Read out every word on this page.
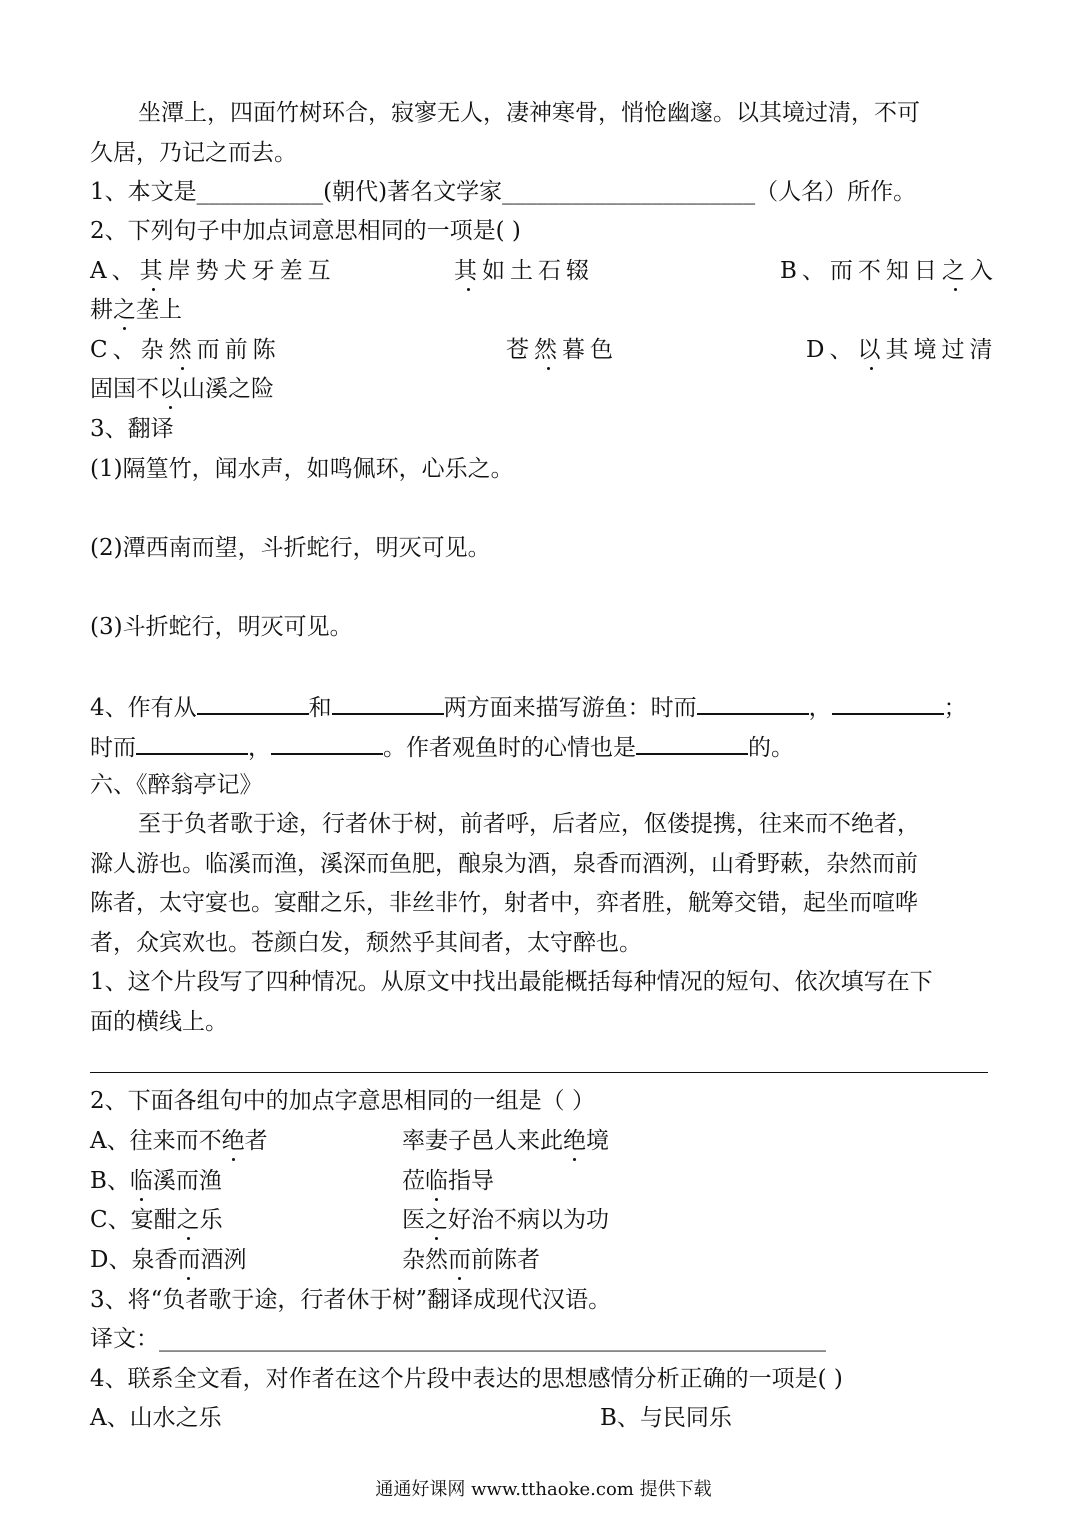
坐潭上，四面竹树环合，寂寥无人，凄神寒骨，悄怆幽邃。以其境过清，不可
久居，乃记之而去。
1、本文是___________(朝代)著名文学家______________________（人名）所作。
2、下列句子中加点词意思相同的一项是( )
A、其岸势犬牙差互	其如土石辍	B、而不知日之入
耕之垄上
C、杂然而前陈	苍然暮色	D、以其境过清
固国不以山溪之险
3、翻译
(1)隔篁竹，闻水声，如鸣佩环，心乐之。
(2)潭西南而望，斗折蛇行，明灭可见。
(3)斗折蛇行，明灭可见。
4、作有从	和	两方面来描写游鱼：时而	，	；
时而	，	。作者观鱼时的心情也是	的。
六、《醉翁亭记》
至于负者歌于途，行者休于树，前者呼，后者应，伛偻提携，往来而不绝者，
滁人游也。临溪而渔，溪深而鱼肥，酿泉为酒，泉香而酒洌，山肴野蔌，杂然而前
陈者，太守宴也。宴酣之乐，非丝非竹，射者中，弈者胜，觥筹交错，起坐而喧哗
者，众宾欢也。苍颜白发，颓然乎其间者，太守醉也。
1、这个片段写了四种情况。从原文中找出最能概括每种情况的短句、依次填写在下
面的横线上。
2、下面各组句中的加点字意思相同的一组是（ ）
A、往来而不绝者	率妻子邑人来此绝境
B、临溪而渔	莅临指导
C、宴酣之乐	医之好治不病以为功
D、泉香而酒洌	杂然而前陈者
3、将“负者歌于途，行者休于树”翻译成现代汉语。
译文：__________________________________________________________
4、联系全文看，对作者在这个片段中表达的思想感情分析正确的一项是( )
A、山水之乐	B、与民同乐
通通好课网 www.tthaoke.com 提供下载
